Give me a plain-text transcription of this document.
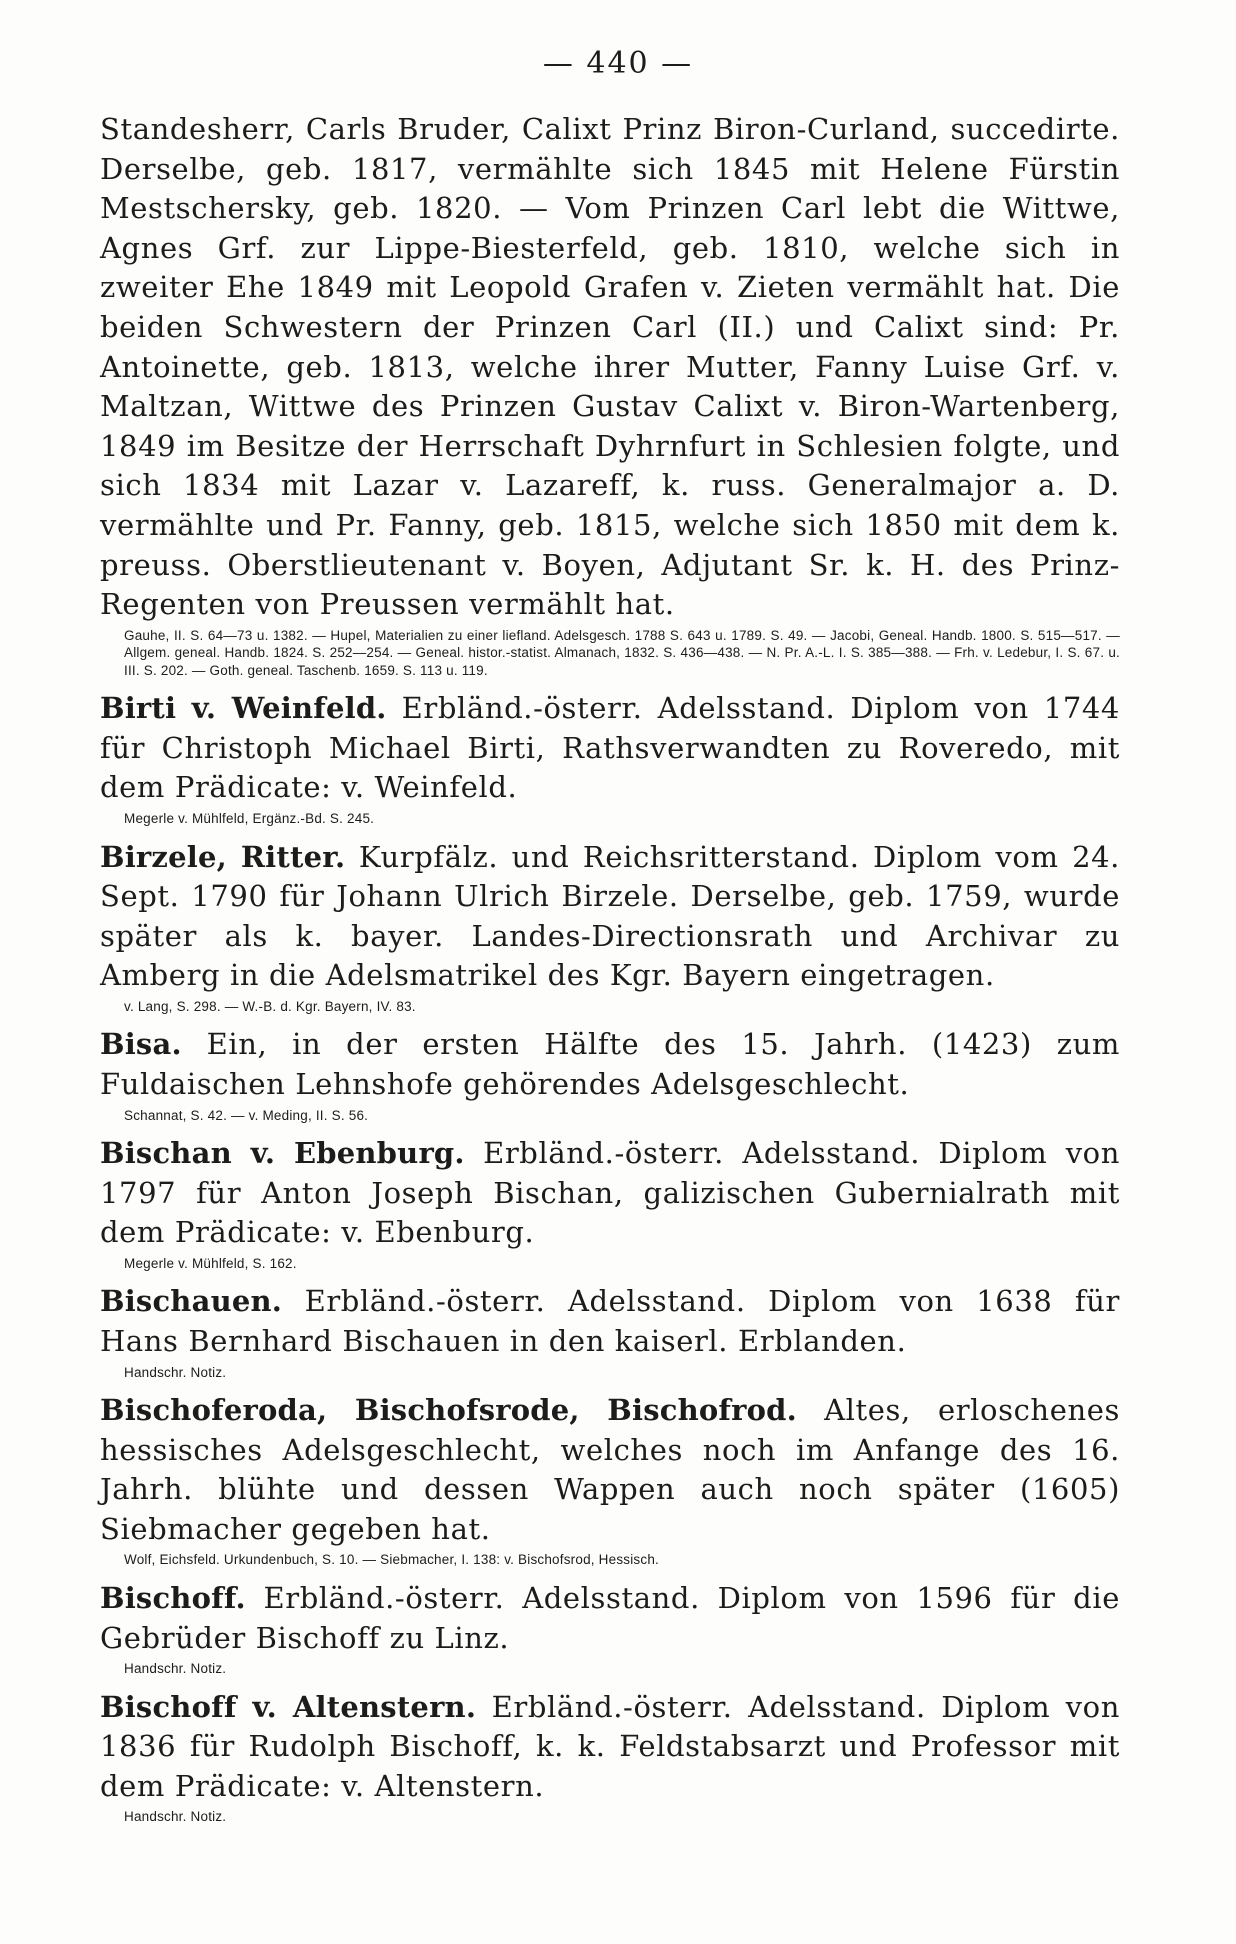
— 440 —

Standesherr, Carls Bruder, Calixt Prinz Biron-Curland, succedirte. Derselbe, geb. 1817, vermählte sich 1845 mit Helene Fürstin Mestschersky, geb. 1820. — Vom Prinzen Carl lebt die Wittwe, Agnes Grf. zur Lippe-Biesterfeld, geb. 1810, welche sich in zweiter Ehe 1849 mit Leopold Grafen v. Zieten vermählt hat. Die beiden Schwestern der Prinzen Carl (II.) und Calixt sind: Pr. Antoinette, geb. 1813, welche ihrer Mutter, Fanny Luise Grf. v. Maltzan, Wittwe des Prinzen Gustav Calixt v. Biron-Wartenberg, 1849 im Besitze der Herrschaft Dyhrnfurt in Schlesien folgte, und sich 1834 mit Lazar v. Lazareff, k. russ. Generalmajor a. D. vermählte und Pr. Fanny, geb. 1815, welche sich 1850 mit dem k. preuss. Oberstlieutenant v. Boyen, Adjutant Sr. k. H. des Prinz-Regenten von Preussen vermählt hat.

Gauhe, II. S. 64—73 u. 1382. — Hupel, Materialien zu einer liefland. Adelsgesch. 1788 S. 643 u. 1789. S. 49. — Jacobi, Geneal. Handb. 1800. S. 515—517. — Allgem. geneal. Handb. 1824. S. 252—254. — Geneal. histor.-statist. Almanach, 1832. S. 436—438. — N. Pr. A.-L. I. S. 385—388. — Frh. v. Ledebur, I. S. 67. u. III. S. 202. — Goth. geneal. Taschenb. 1659. S. 113 u. 119.

Birti v. Weinfeld. Erbländ.-österr. Adelsstand. Diplom von 1744 für Christoph Michael Birti, Rathsverwandten zu Roveredo, mit dem Prädicate: v. Weinfeld.

Megerle v. Mühlfeld, Ergänz.-Bd. S. 245.

Birzele, Ritter. Kurpfälz. und Reichsritterstand. Diplom vom 24. Sept. 1790 für Johann Ulrich Birzele. Derselbe, geb. 1759, wurde später als k. bayer. Landes-Directionsrath und Archivar zu Amberg in die Adelsmatrikel des Kgr. Bayern eingetragen.

v. Lang, S. 298. — W.-B. d. Kgr. Bayern, IV. 83.

Bisa. Ein, in der ersten Hälfte des 15. Jahrh. (1423) zum Fuldaischen Lehnshofe gehörendes Adelsgeschlecht.

Schannat, S. 42. — v. Meding, II. S. 56.

Bischan v. Ebenburg. Erbländ.-österr. Adelsstand. Diplom von 1797 für Anton Joseph Bischan, galizischen Gubernialrath mit dem Prädicate: v. Ebenburg.

Megerle v. Mühlfeld, S. 162.

Bischauen. Erbländ.-österr. Adelsstand. Diplom von 1638 für Hans Bernhard Bischauen in den kaiserl. Erblanden.

Handschr. Notiz.

Bischoferoda, Bischofsrode, Bischofrod. Altes, erloschenes hessisches Adelsgeschlecht, welches noch im Anfange des 16. Jahrh. blühte und dessen Wappen auch noch später (1605) Siebmacher gegeben hat.

Wolf, Eichsfeld. Urkundenbuch, S. 10. — Siebmacher, I. 138: v. Bischofsrod, Hessisch.

Bischoff. Erbländ.-österr. Adelsstand. Diplom von 1596 für die Gebrüder Bischoff zu Linz.

Handschr. Notiz.

Bischoff v. Altenstern. Erbländ.-österr. Adelsstand. Diplom von 1836 für Rudolph Bischoff, k. k. Feldstabsarzt und Professor mit dem Prädicate: v. Altenstern.

Handschr. Notiz.
